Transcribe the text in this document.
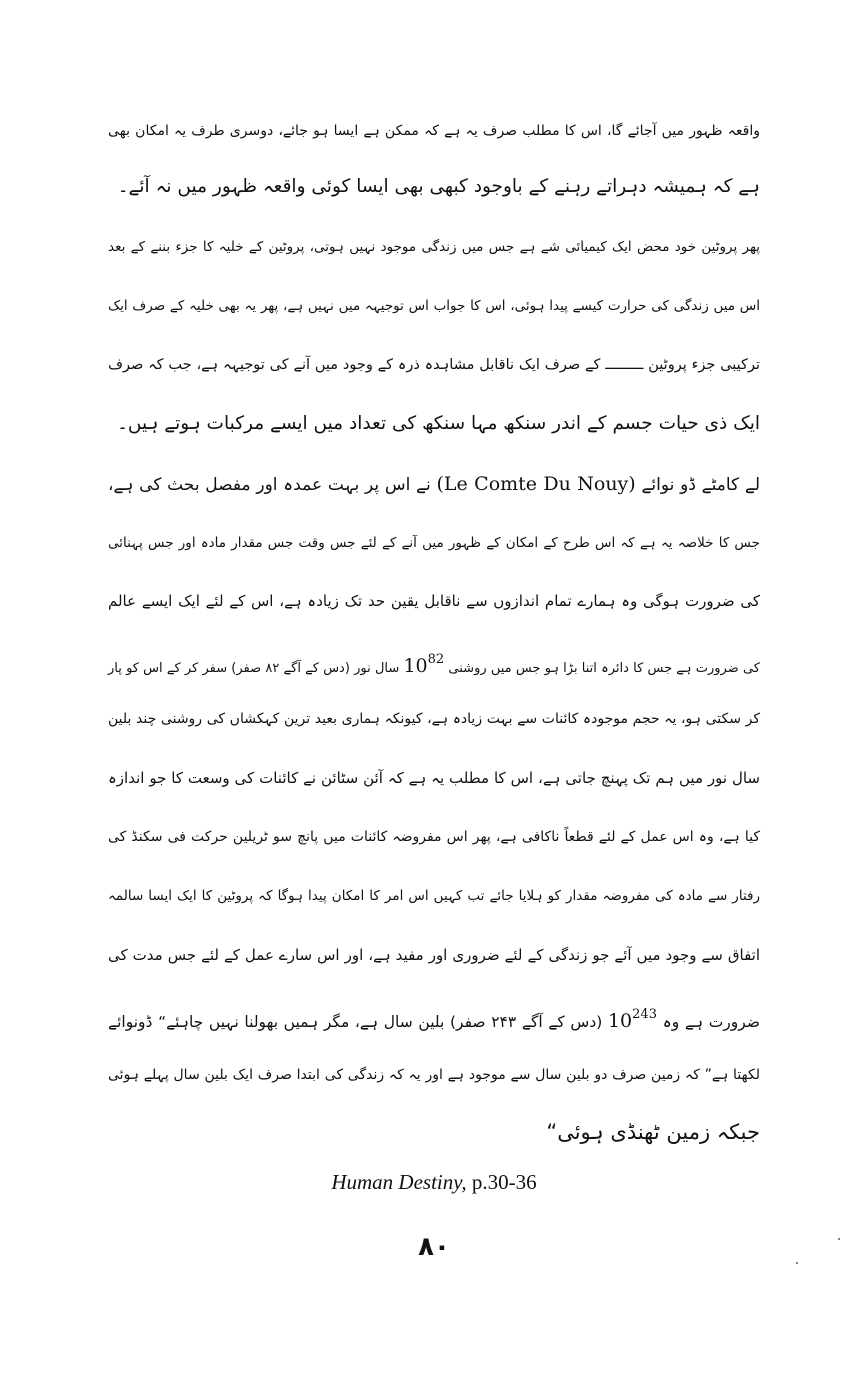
واقعہ ظہور میں آجائے گا، اس کا مطلب صرف یہ ہے کہ ممکن ہے ایسا ہو جائے، دوسری طرف یہ امکان بھی
ہے کہ ہمیشہ دہراتے رہنے کے باوجود کبھی بھی ایسا کوئی واقعہ ظہور میں نہ آئے۔
پھر پروٹین خود محض ایک کیمیائی شے ہے جس میں زندگی موجود نہیں ہوتی، پروٹین کے خلیہ کا جزء بننے کے بعد
اس میں زندگی کی حرارت کیسے پیدا ہوئی، اس کا جواب اس توجیہہ میں نہیں ہے، پھر یہ بھی خلیہ کے صرف ایک
ترکیبی جزء پروٹین ـــــــــ کے صرف ایک ناقابل مشاہدہ ذرہ کے وجود میں آنے کی توجیہہ ہے، جب کہ صرف
ایک ذی حیات جسم کے اندر سنکھ مہا سنکھ کی تعداد میں ایسے مرکبات ہوتے ہیں۔
لے کامٹے ڈو نوائے (Le Comte Du Nouy) نے اس پر بہت عمدہ اور مفصل بحث کی ہے،
جس کا خلاصہ یہ ہے کہ اس طرح کے امکان کے ظہور میں آنے کے لئے جس وقت جس مقدار مادہ اور جس پہنائی
کی ضرورت ہوگی وہ ہمارے تمام اندازوں سے ناقابل یقین حد تک زیادہ ہے، اس کے لئے ایک ایسے عالم
کی ضرورت ہے جس کا دائرہ اتنا بڑا ہو جس میں روشنی $10^{82}$ سال نور (دس کے آگے ۸۲ صفر) سفر کر کے اس کو پار
کر سکتی ہو، یہ حجم موجودہ کائنات سے بہت زیادہ ہے، کیونکہ ہماری بعید ترین کہکشاں کی روشنی چند بلین
سال نور میں ہم تک پہنچ جاتی ہے، اس کا مطلب یہ ہے کہ آئن سٹائن نے کائنات کی وسعت کا جو اندازہ
کیا ہے، وہ اس عمل کے لئے قطعاً ناکافی ہے، پھر اس مفروضہ کائنات میں پانچ سو ٹریلین حرکت فی سکنڈ کی
رفتار سے مادہ کی مفروضہ مقدار کو ہلایا جائے تب کہیں اس امر کا امکان پیدا ہوگا کہ پروٹین کا ایک ایسا سالمہ
اتفاق سے وجود میں آئے جو زندگی کے لئے ضروری اور مفید ہے، اور اس سارے عمل کے لئے جس مدت کی
ضرورت ہے وہ $10^{243}$ (دس کے آگے ۲۴۳ صفر) بلین سال ہے، مگر ہمیں بھولنا نہیں چاہئے“ ڈونوائے
لکھتا ہے” کہ زمین صرف دو بلین سال سے موجود ہے اور یہ کہ زندگی کی ابتدا صرف ایک بلین سال پہلے ہوئی
جبکہ زمین ٹھنڈی ہوئی“
Human Destiny, p.30-36
۸۰
